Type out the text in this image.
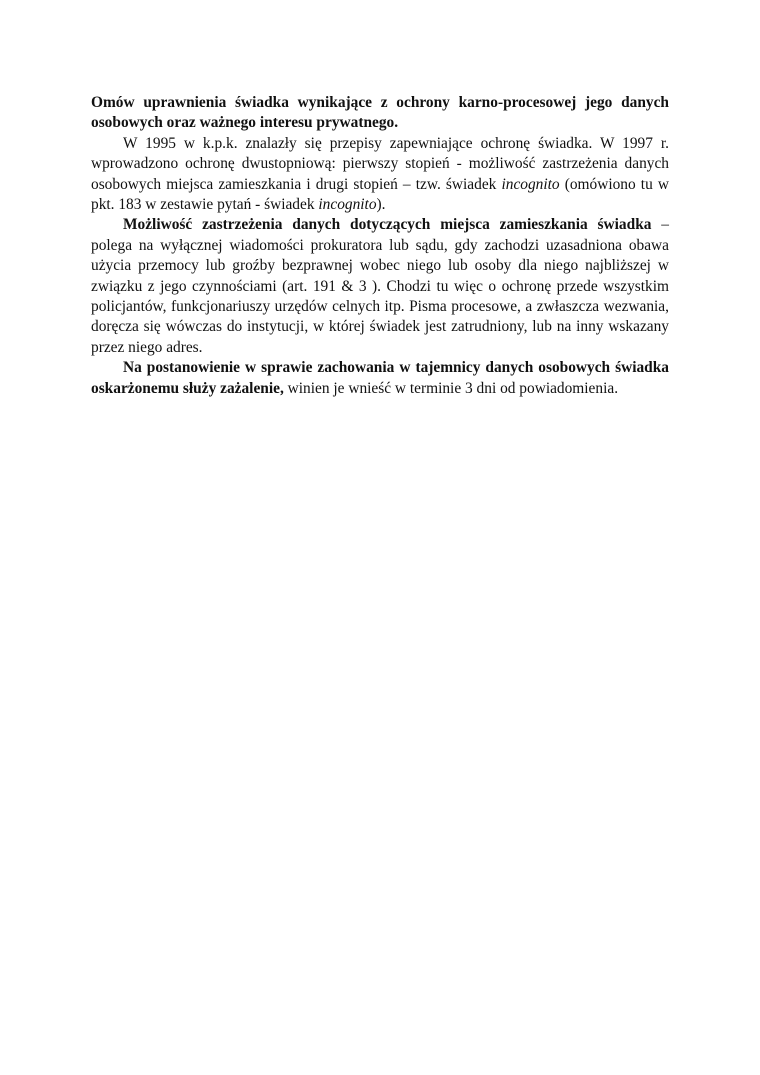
Omów uprawnienia świadka wynikające z ochrony karno-procesowej jego danych osobowych oraz ważnego interesu prywatnego.

W 1995 w k.p.k. znalazły się przepisy zapewniające ochronę świadka. W 1997 r. wprowadzono ochronę dwustopniową: pierwszy stopień - możliwość zastrzeżenia danych osobowych miejsca zamieszkania i drugi stopień – tzw. świadek incognito (omówiono tu w pkt. 183 w zestawie pytań - świadek incognito).

Możliwość zastrzeżenia danych dotyczących miejsca zamieszkania świadka – polega na wyłącznej wiadomości prokuratora lub sądu, gdy zachodzi uzasadniona obawa użycia przemocy lub groźby bezprawnej wobec niego lub osoby dla niego najbliższej w związku z jego czynnościami (art. 191 & 3 ). Chodzi tu więc o ochronę przede wszystkim policjantów, funkcjonariuszy urzędów celnych itp. Pisma procesowe, a zwłaszcza wezwania, doręcza się wówczas do instytucji, w której świadek jest zatrudniony, lub na inny wskazany przez niego adres.

Na postanowienie w sprawie zachowania w tajemnicy danych osobowych świadka oskarżonemu służy zażalenie, winien je wnieść w terminie 3 dni od powiadomienia.
